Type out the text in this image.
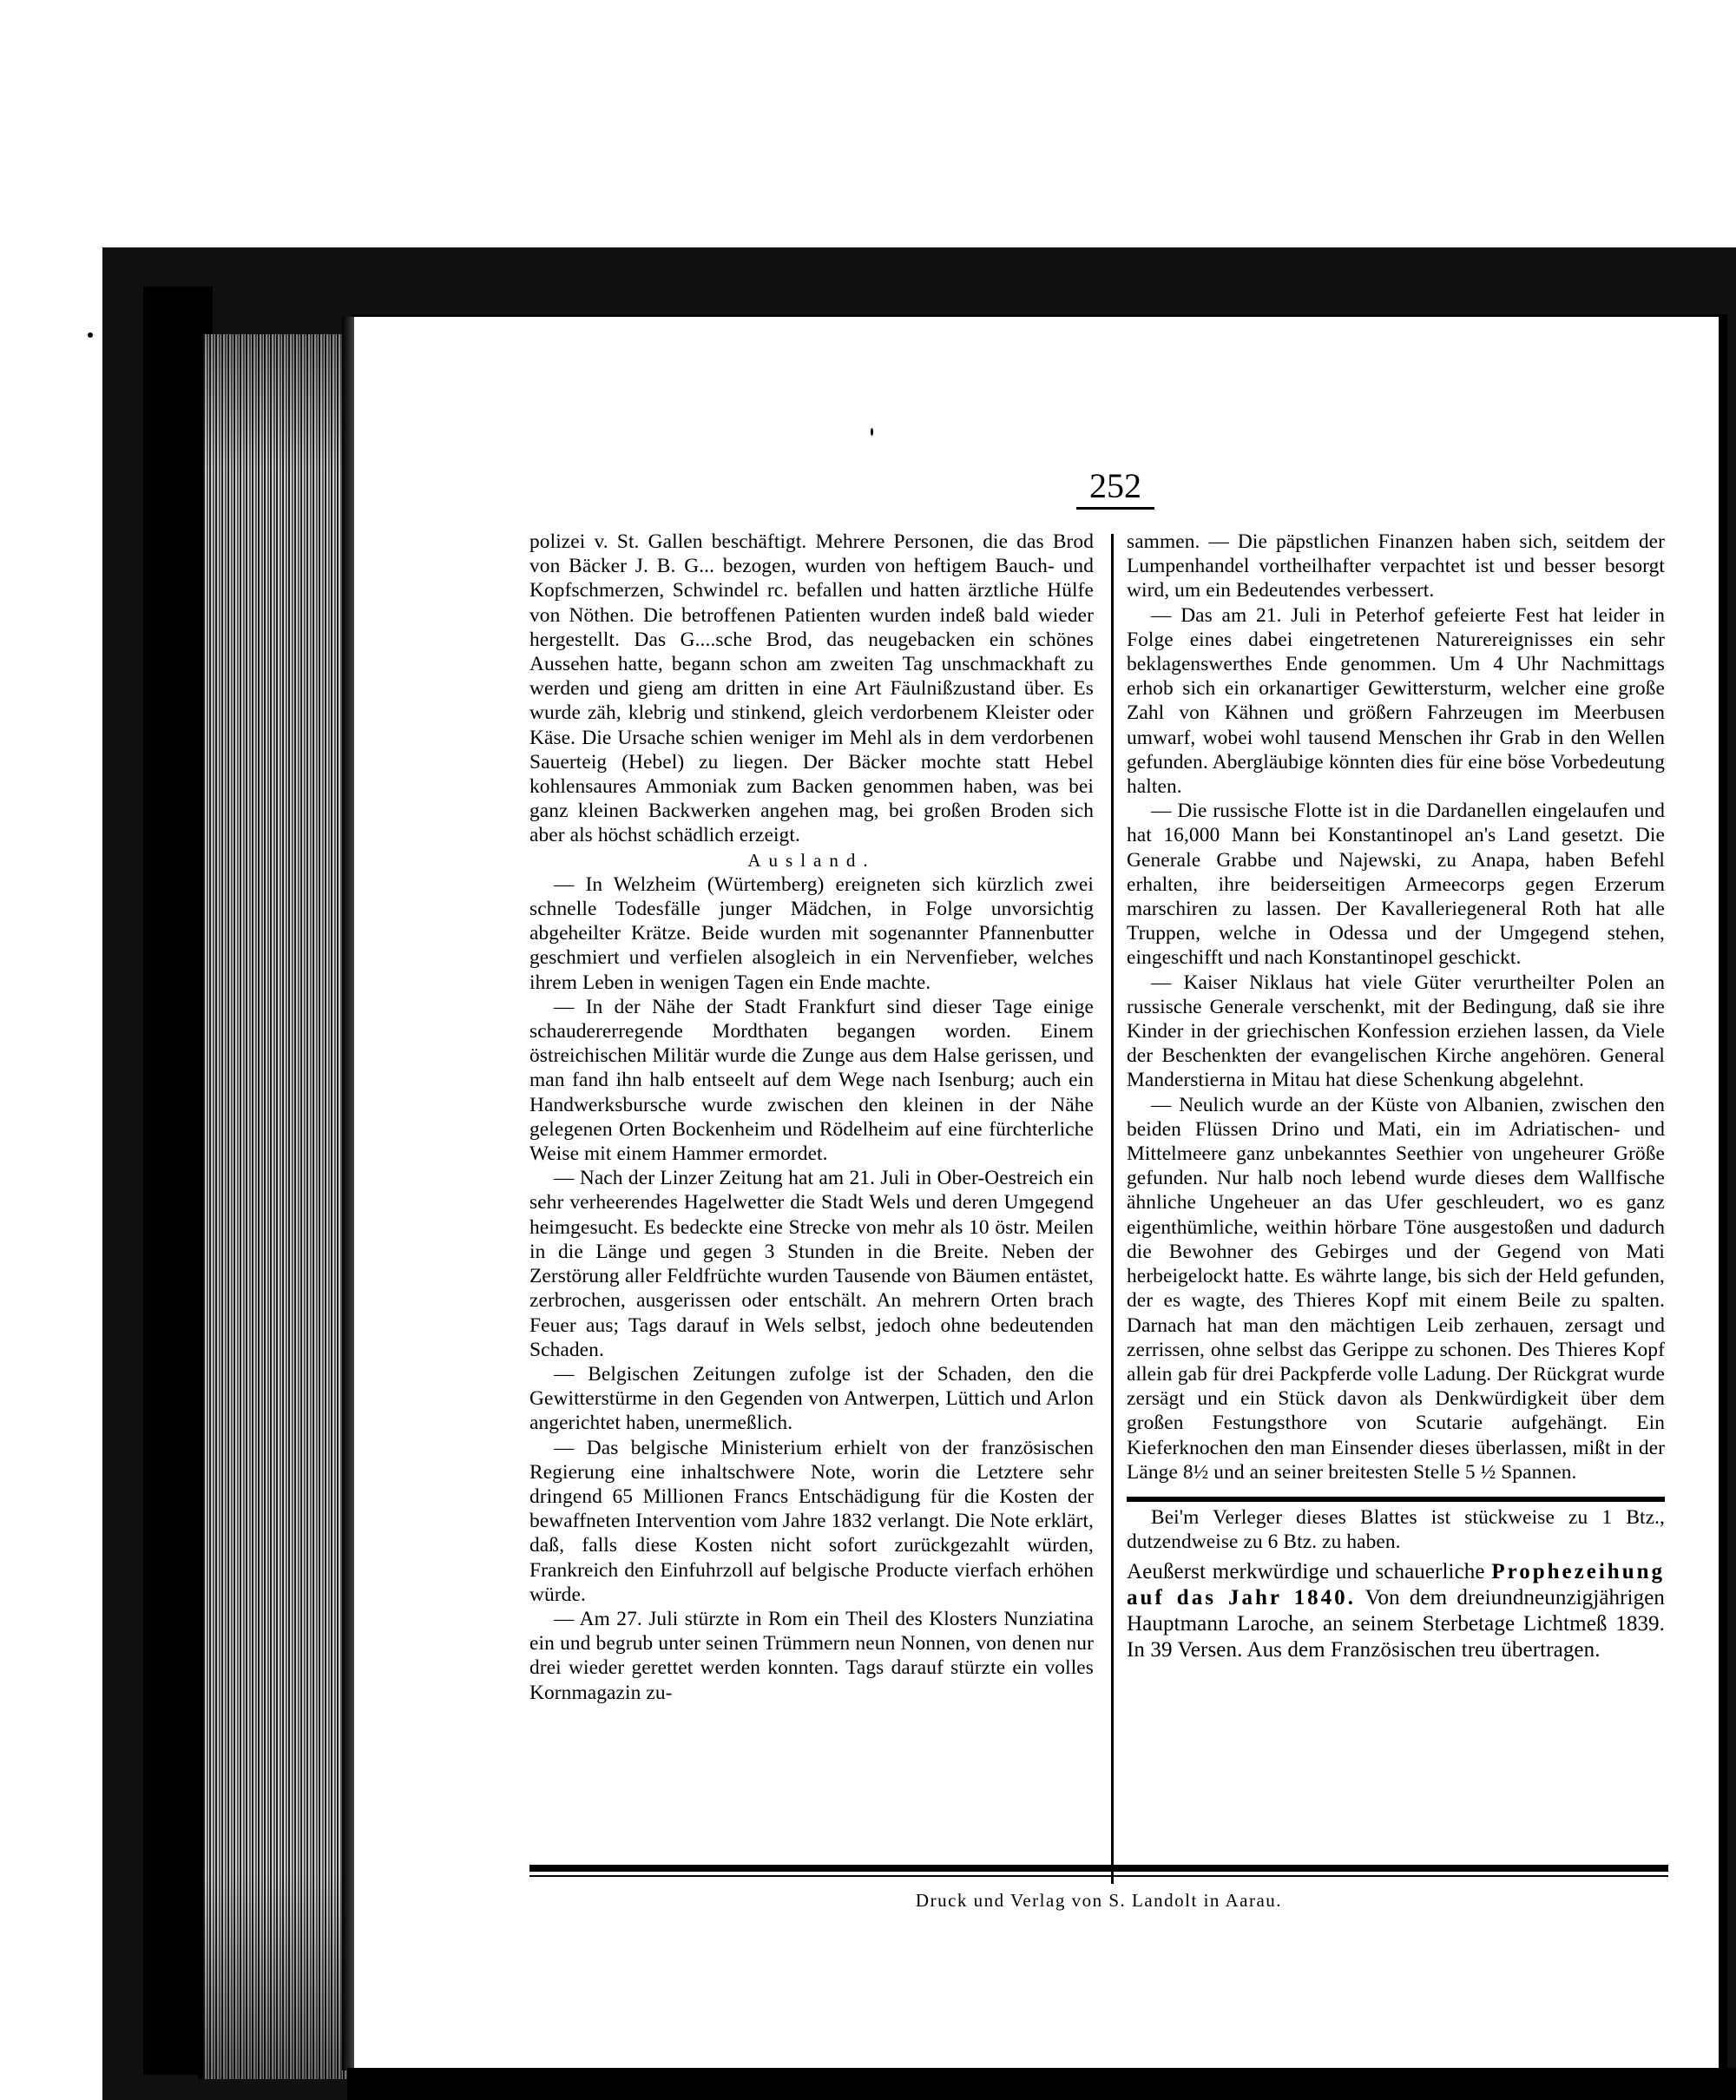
252

polizei v. St. Gallen beschäftigt. Mehrere Personen, die das Brod von Bäcker J. B. G... bezogen, wurden von heftigem Bauch- und Kopfschmerzen, Schwindel rc. befallen und hatten ärztliche Hülfe von Nöthen. Die betroffenen Patienten wurden indeß bald wieder hergestellt. Das G....sche Brod, das neugebacken ein schönes Aussehen hatte, begann schon am zweiten Tag unschmackhaft zu werden und gieng am dritten in eine Art Fäulnißzustand über. Es wurde zäh, klebrig und stinkend, gleich verdorbenem Kleister oder Käse. Die Ursache schien weniger im Mehl als in dem verdorbenen Sauerteig (Hebel) zu liegen. Der Bäcker mochte statt Hebel kohlensaures Ammoniak zum Backen genommen haben, was bei ganz kleinen Backwerken angehen mag, bei großen Broden sich aber als höchst schädlich erzeigt.

Ausland.

— In Welzheim (Würtemberg) ereigneten sich kürzlich zwei schnelle Todesfälle junger Mädchen, in Folge unvorsichtig abgeheilter Krätze. Beide wurden mit sogenannter Pfannenbutter geschmiert und verfielen alsogleich in ein Nervenfieber, welches ihrem Leben in wenigen Tagen ein Ende machte.

— In der Nähe der Stadt Frankfurt sind dieser Tage einige schaudererregende Mordthaten begangen worden. Einem östreichischen Militär wurde die Zunge aus dem Halse gerissen, und man fand ihn halb entseelt auf dem Wege nach Isenburg; auch ein Handwerksbursche wurde zwischen den kleinen in der Nähe gelegenen Orten Bockenheim und Rödelheim auf eine fürchterliche Weise mit einem Hammer ermordet.

— Nach der Linzer Zeitung hat am 21. Juli in Ober-Oestreich ein sehr verheerendes Hagelwetter die Stadt Wels und deren Umgegend heimgesucht. Es bedeckte eine Strecke von mehr als 10 östr. Meilen in die Länge und gegen 3 Stunden in die Breite. Neben der Zerstörung aller Feldfrüchte wurden Tausende von Bäumen entästet, zerbrochen, ausgerissen oder entschält. An mehrern Orten brach Feuer aus; Tags darauf in Wels selbst, jedoch ohne bedeutenden Schaden.

— Belgischen Zeitungen zufolge ist der Schaden, den die Gewitterstürme in den Gegenden von Antwerpen, Lüttich und Arlon angerichtet haben, unermeßlich.

— Das belgische Ministerium erhielt von der französischen Regierung eine inhaltschwere Note, worin die Letztere sehr dringend 65 Millionen Francs Entschädigung für die Kosten der bewaffneten Intervention vom Jahre 1832 verlangt. Die Note erklärt, daß, falls diese Kosten nicht sofort zurückgezahlt würden, Frankreich den Einfuhrzoll auf belgische Producte vierfach erhöhen würde.

— Am 27. Juli stürzte in Rom ein Theil des Klosters Nunziatina ein und begrub unter seinen Trümmern neun Nonnen, von denen nur drei wieder gerettet werden konnten. Tags darauf stürzte ein volles Kornmagazin zu-

sammen. — Die päpstlichen Finanzen haben sich, seitdem der Lumpenhandel vortheilhafter verpachtet ist und besser besorgt wird, um ein Bedeutendes verbessert.

— Das am 21. Juli in Peterhof gefeierte Fest hat leider in Folge eines dabei eingetretenen Naturereignisses ein sehr beklagenswerthes Ende genommen. Um 4 Uhr Nachmittags erhob sich ein orkanartiger Gewittersturm, welcher eine große Zahl von Kähnen und größern Fahrzeugen im Meerbusen umwarf, wobei wohl tausend Menschen ihr Grab in den Wellen gefunden. Abergläubige könnten dies für eine böse Vorbedeutung halten.

— Die russische Flotte ist in die Dardanellen eingelaufen und hat 16,000 Mann bei Konstantinopel an's Land gesetzt. Die Generale Grabbe und Najewski, zu Anapa, haben Befehl erhalten, ihre beiderseitigen Armeecorps gegen Erzerum marschiren zu lassen. Der Kavalleriegeneral Roth hat alle Truppen, welche in Odessa und der Umgegend stehen, eingeschifft und nach Konstantinopel geschickt.

— Kaiser Niklaus hat viele Güter verurtheilter Polen an russische Generale verschenkt, mit der Bedingung, daß sie ihre Kinder in der griechischen Konfession erziehen lassen, da Viele der Beschenkten der evangelischen Kirche angehören. General Manderstierna in Mitau hat diese Schenkung abgelehnt.

— Neulich wurde an der Küste von Albanien, zwischen den beiden Flüssen Drino und Mati, ein im Adriatischen- und Mittelmeere ganz unbekanntes Seethier von ungeheurer Größe gefunden. Nur halb noch lebend wurde dieses dem Wallfische ähnliche Ungeheuer an das Ufer geschleudert, wo es ganz eigenthümliche, weithin hörbare Töne ausgestoßen und dadurch die Bewohner des Gebirges und der Gegend von Mati herbeigelockt hatte. Es währte lange, bis sich der Held gefunden, der es wagte, des Thieres Kopf mit einem Beile zu spalten. Darnach hat man den mächtigen Leib zerhauen, zersagt und zerrissen, ohne selbst das Gerippe zu schonen. Des Thieres Kopf allein gab für drei Packpferde volle Ladung. Der Rückgrat wurde zersägt und ein Stück davon als Denkwürdigkeit über dem großen Festungsthore von Scutarie aufgehängt. Ein Kieferknochen den man Einsender dieses überlassen, mißt in der Länge 8½ und an seiner breitesten Stelle 5 ½ Spannen.

Bei'm Verleger dieses Blattes ist stückweise zu 1 Btz., dutzendweise zu 6 Btz. zu haben.

Aeußerst merkwürdige und schauerliche Prophezeihung auf das Jahr 1840. Von dem dreiundneunzigjährigen Hauptmann Laroche, an seinem Sterbetage Lichtmeß 1839. In 39 Versen. Aus dem Französischen treu übertragen.

Druck und Verlag von S. Landolt in Aarau.
